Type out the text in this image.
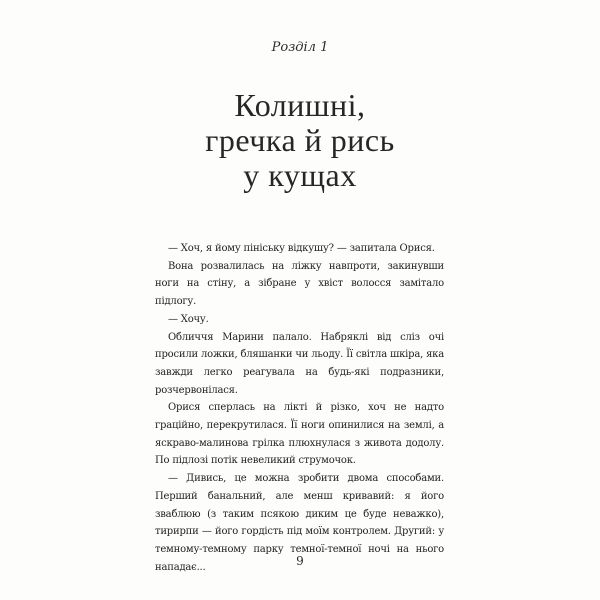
Розділ 1
Колишні,
гречка й рись
у кущах

— Хоч, я йому пініську відкушу? — запитала Орися.

Вона розвалилась на ліжку навпроти, закинувши ноги на стіну, а зібране у хвіст волосся замітало підлогу.

— Хочу.

Обличчя Марини палало. Набряклі від сліз очі просили ложки, бляшанки чи льоду. Її світла шкіра, яка завжди легко реагувала на будь-які подразники, розчервонілася.

Орися сперлась на лікті й різко, хоч не надто граційно, перекрутилася. Її ноги опинилися на землі, а яскраво-малинова грілка плюхнулася з живота додолу. По підлозі потік невеликий струмочок.

— Дивись, це можна зробити двома способами. Перший банальний, але менш кривавий: я його зваблюю (з таким псякою диким це буде неважко), тирирпи — його гордість під моїм контролем. Другий: у темному-темному парку темної-темної ночі на нього нападає...	9
